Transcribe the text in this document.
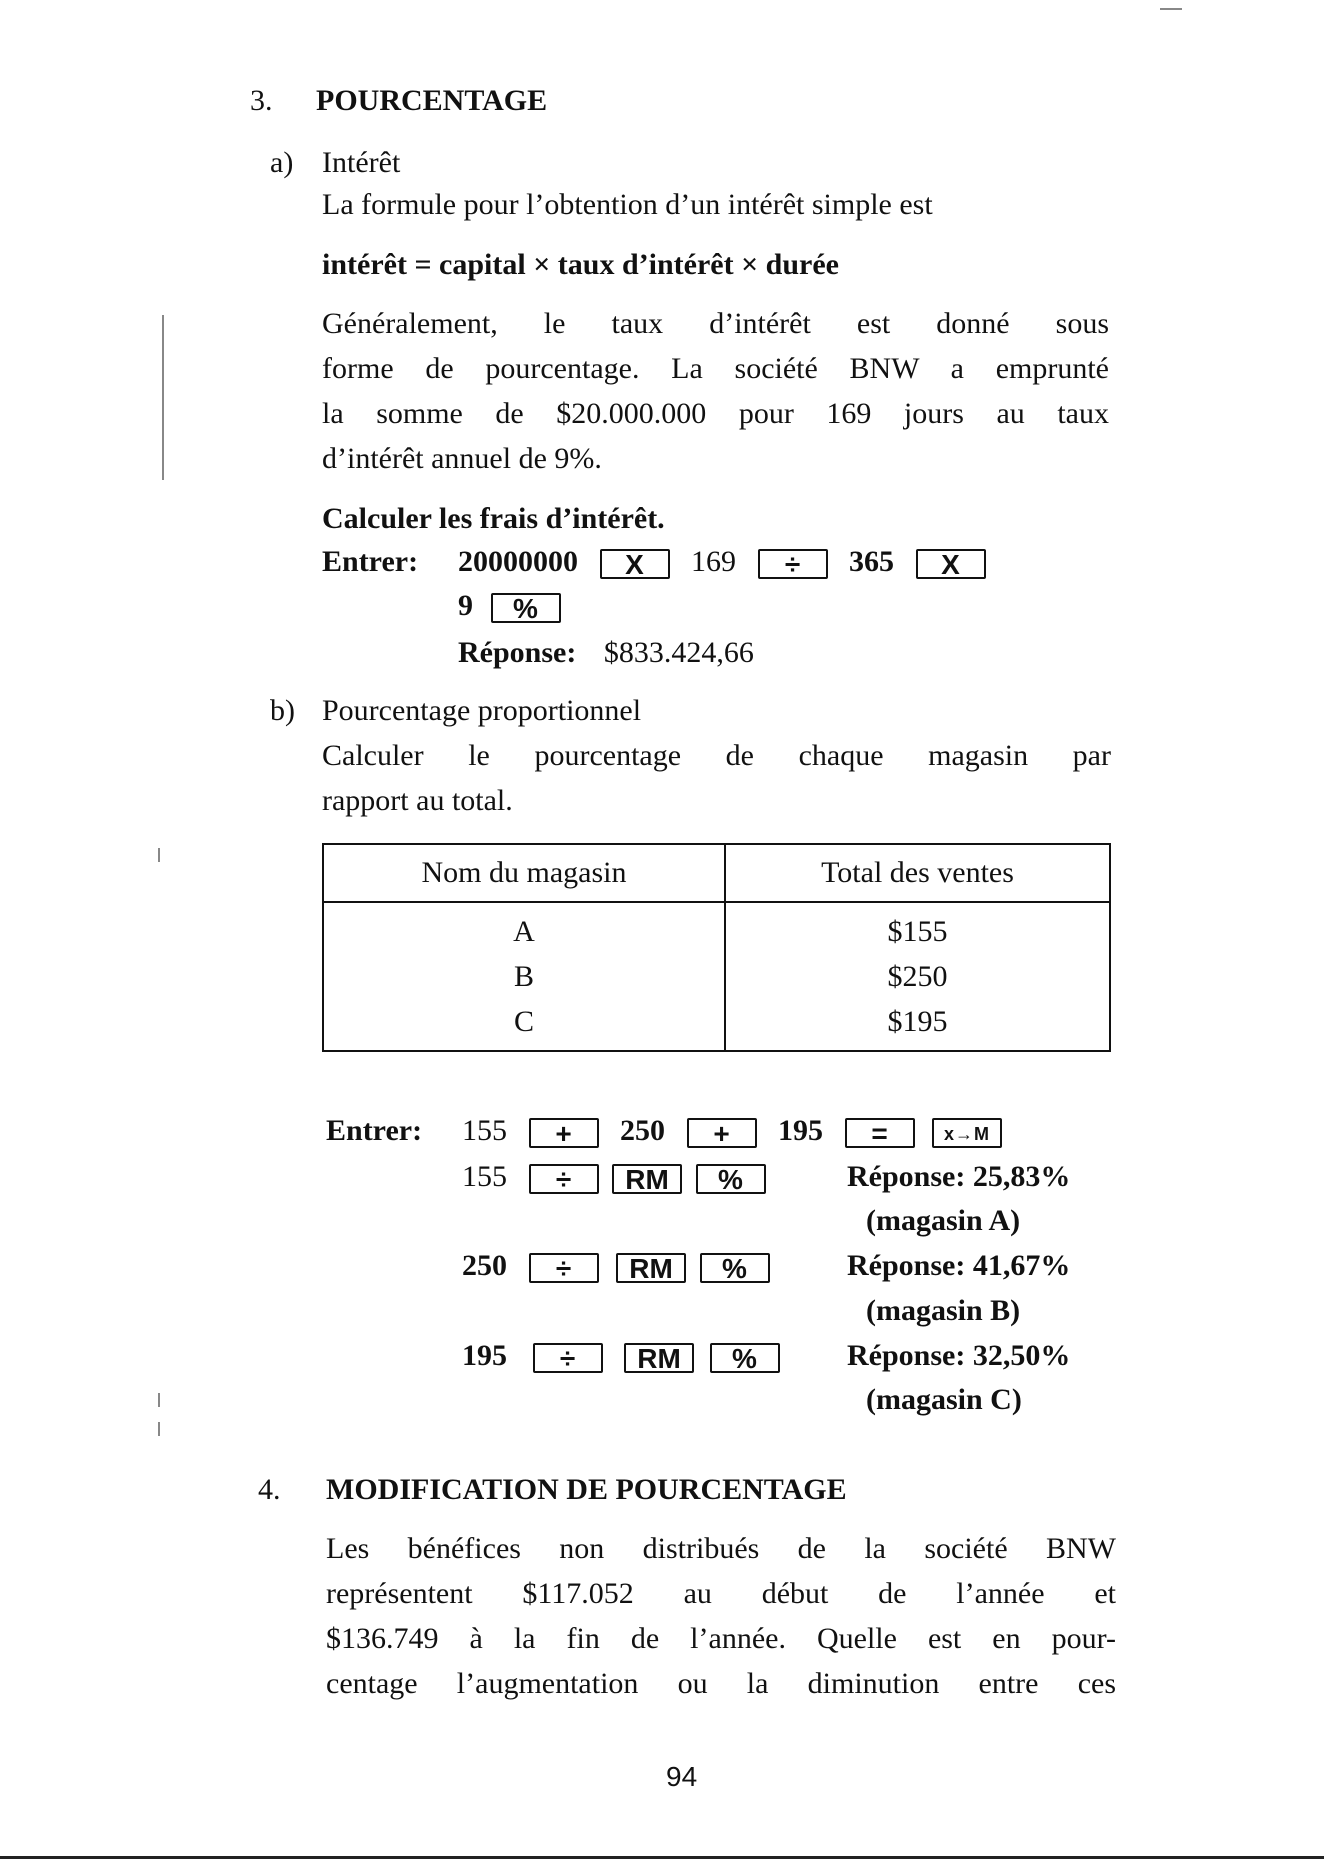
3. POURCENTAGE
a) Intérêt
La formule pour l’obtention d’un intérêt simple est
intérêt = capital × taux d’intérêt × durée
Généralement, le taux d’intérêt est donné sous
forme de pourcentage. La société BNW a emprunté
la somme de $20.000.000 pour 169 jours au taux
d’intérêt annuel de 9%.
Calculer les frais d’intérêt.
Entrer: 20000000 X 169 ÷ 365 X
9 %
Réponse: $833.424,66
b) Pourcentage proportionnel
Calculer le pourcentage de chaque magasin par
rapport au total.
Nom du magasin	Total des ventes
A	$155
B	$250
C	$195
Entrer: 155 + 250 + 195 =	x→M
155 ÷ RM %	Réponse: 25,83%
(magasin A)
250 ÷ RM %	Réponse: 41,67%
(magasin B)
195 ÷ RM %	Réponse: 32,50%
(magasin C)
4. MODIFICATION DE POURCENTAGE
Les bénéfices non distribués de la société BNW
représentent $117.052 au début de l’année et
$136.749 à la fin de l’année. Quelle est en pour-
centage l’augmentation ou la diminution entre ces
94
